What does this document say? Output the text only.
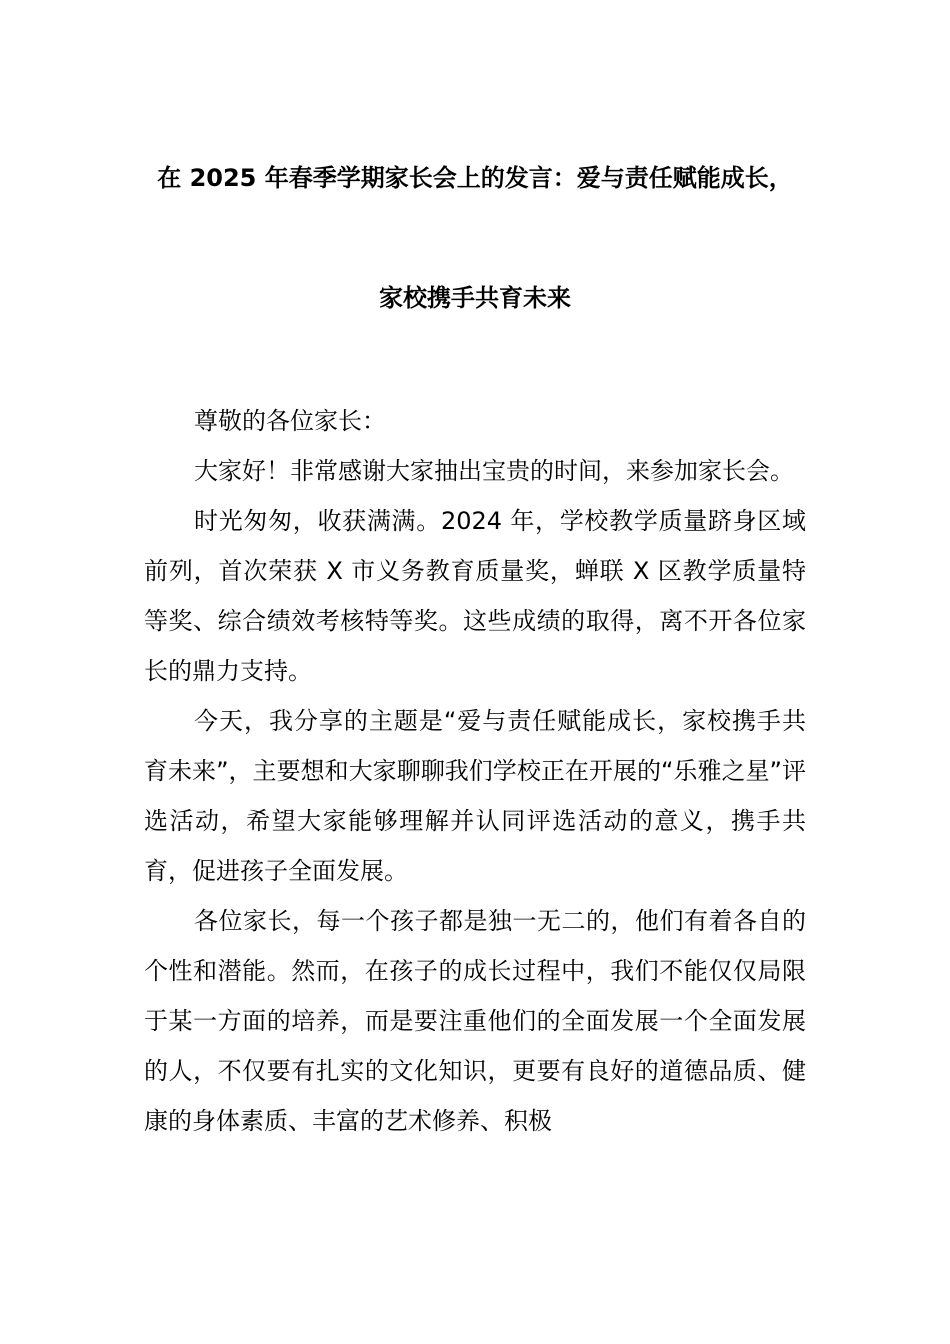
在 2025 年春季学期家长会上的发言：爱与责任赋能成长，
家校携手共育未来

尊敬的各位家长：

大家好！非常感谢大家抽出宝贵的时间，来参加家长会。

时光匆匆，收获满满。2024 年，学校教学质量跻身区域前列，首次荣获 X 市义务教育质量奖，蝉联 X 区教学质量特等奖、综合绩效考核特等奖。这些成绩的取得，离不开各位家长的鼎力支持。

今天，我分享的主题是“爱与责任赋能成长，家校携手共育未来”，主要想和大家聊聊我们学校正在开展的“乐雅之星”评选活动，希望大家能够理解并认同评选活动的意义，携手共育，促进孩子全面发展。

各位家长，每一个孩子都是独一无二的，他们有着各自的个性和潜能。然而，在孩子的成长过程中，我们不能仅仅局限于某一方面的培养，而是要注重他们的全面发展一个全面发展的人，不仅要有扎实的文化知识，更要有良好的道德品质、健康的身体素质、丰富的艺术修养、积极
